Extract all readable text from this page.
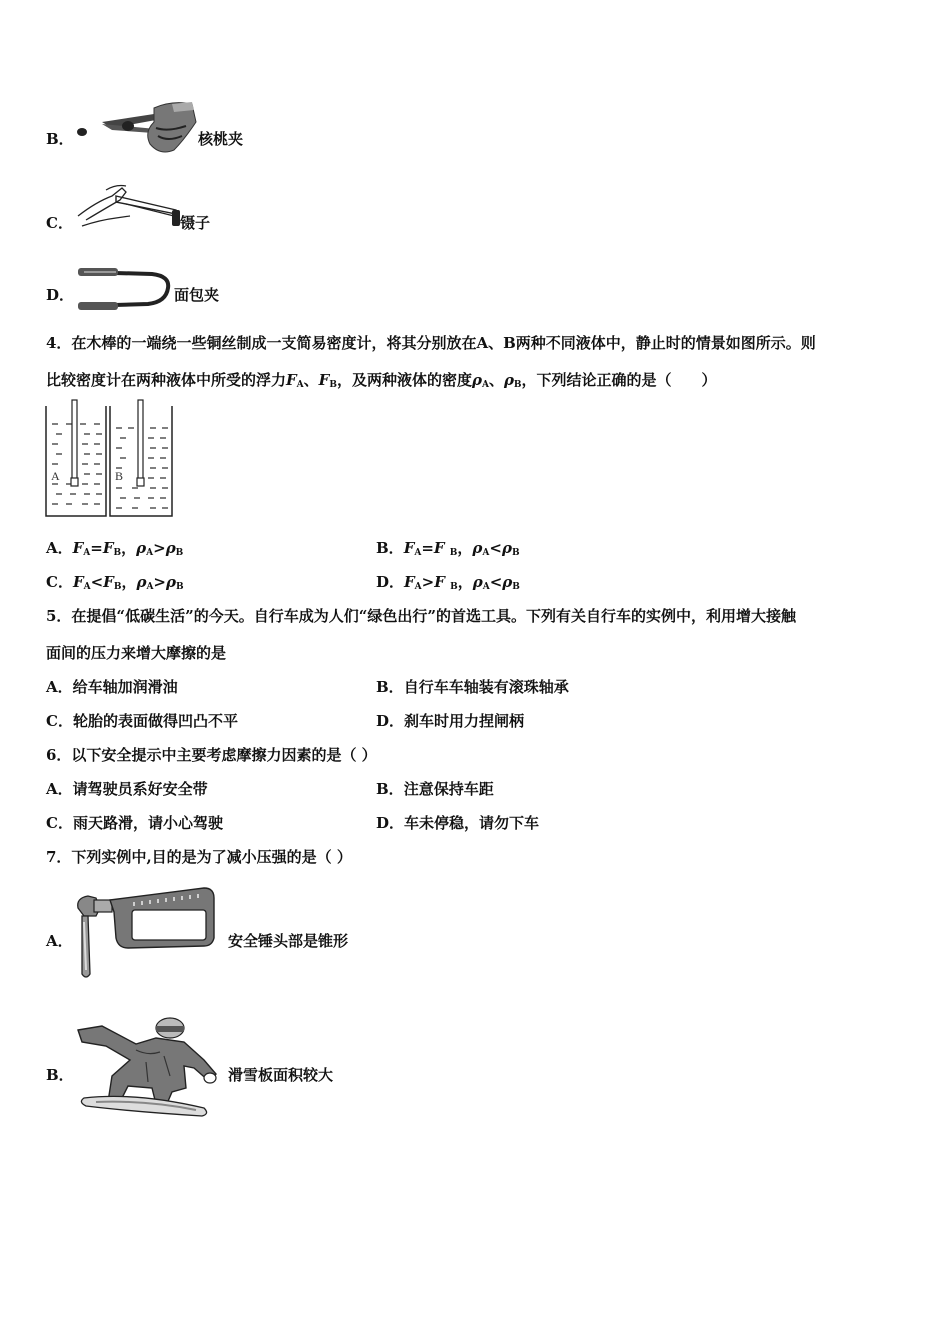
B．	核桃夹
C．	镊子
D．	面包夹
4．在木棒的一端绕一些铜丝制成一支简易密度计，将其分别放在A、B两种不同液体中，静止时的情景如图所示。则
比较密度计在两种液体中所受的浮力$F_A$、$F_B$，及两种液体的密度$\rho_A$、$\rho_B$，下列结论正确的是（　　）
A	B
A．$F_A=F_B$，$\rho_A>\rho_B$	B．$F_A=F$ $_B$，$\rho_A<\rho_B$
C．$F_A<F_B$，$\rho_A>\rho_B$	D．$F_A>F$ $_B$，$\rho_A<\rho_B$
5．在提倡“低碳生活”的今天。自行车成为人们“绿色出行”的首选工具。下列有关自行车的实例中，利用增大接触
面间的压力来增大摩擦的是
A．给车轴加润滑油	B．自行车车轴装有滚珠轴承
C．轮胎的表面做得凹凸不平	D．刹车时用力捏闸柄
6．以下安全提示中主要考虑摩擦力因素的是（ ）
A．请驾驶员系好安全带	B．注意保持车距
C．雨天路滑，请小心驾驶	D．车未停稳，请勿下车
7．下列实例中,目的是为了减小压强的是（ ）
A．	安全锤头部是锥形
B．	滑雪板面积较大
